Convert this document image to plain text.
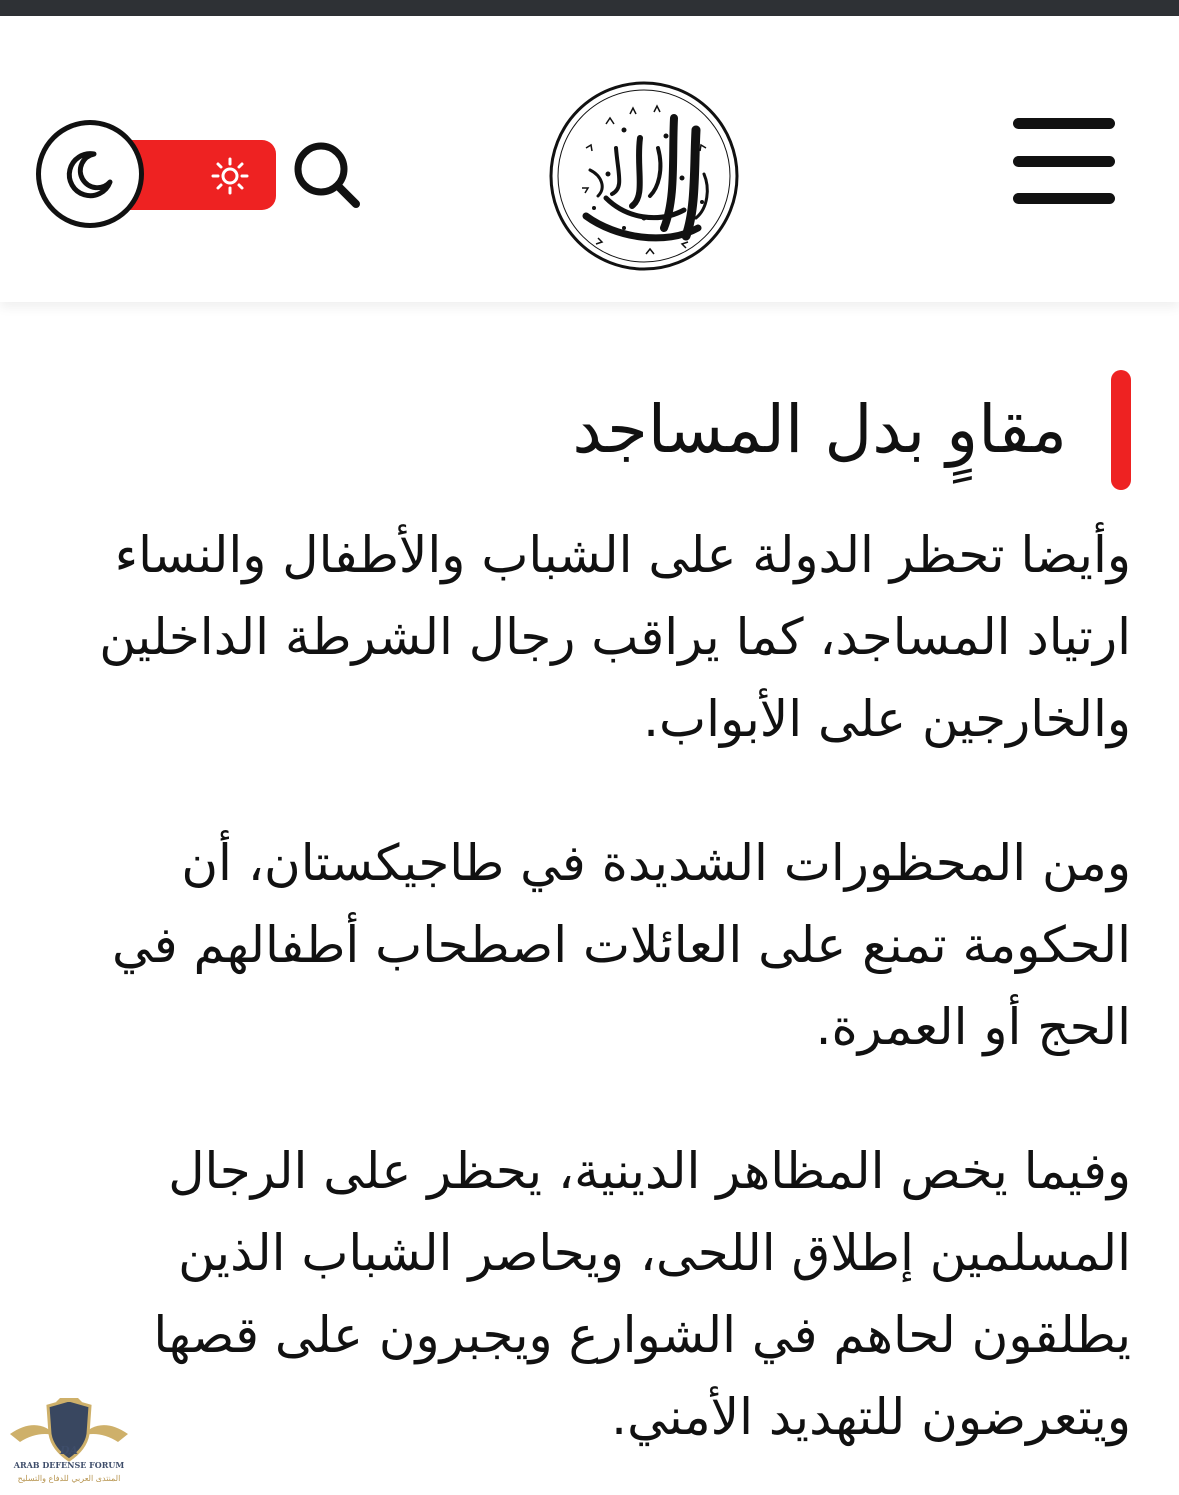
مقاوٍ بدل المساجد

وأيضا تحظر الدولة على الشباب والأطفال والنساء ارتياد المساجد، كما يراقب رجال الشرطة الداخلين والخارجين على الأبواب.

ومن المحظورات الشديدة في طاجيكستان، أن الحكومة تمنع على العائلات اصطحاب أطفالهم في الحج أو العمرة.

وفيما يخص المظاهر الدينية، يحظر على الرجال المسلمين إطلاق اللحى، ويحاصر الشباب الذين يطلقون لحاهم في الشوارع ويجبرون على قصها ويتعرضون للتهديد الأمني.

DA
ARAB DEFENSE FORUM
المنتدى العربي للدفاع والتسليح
